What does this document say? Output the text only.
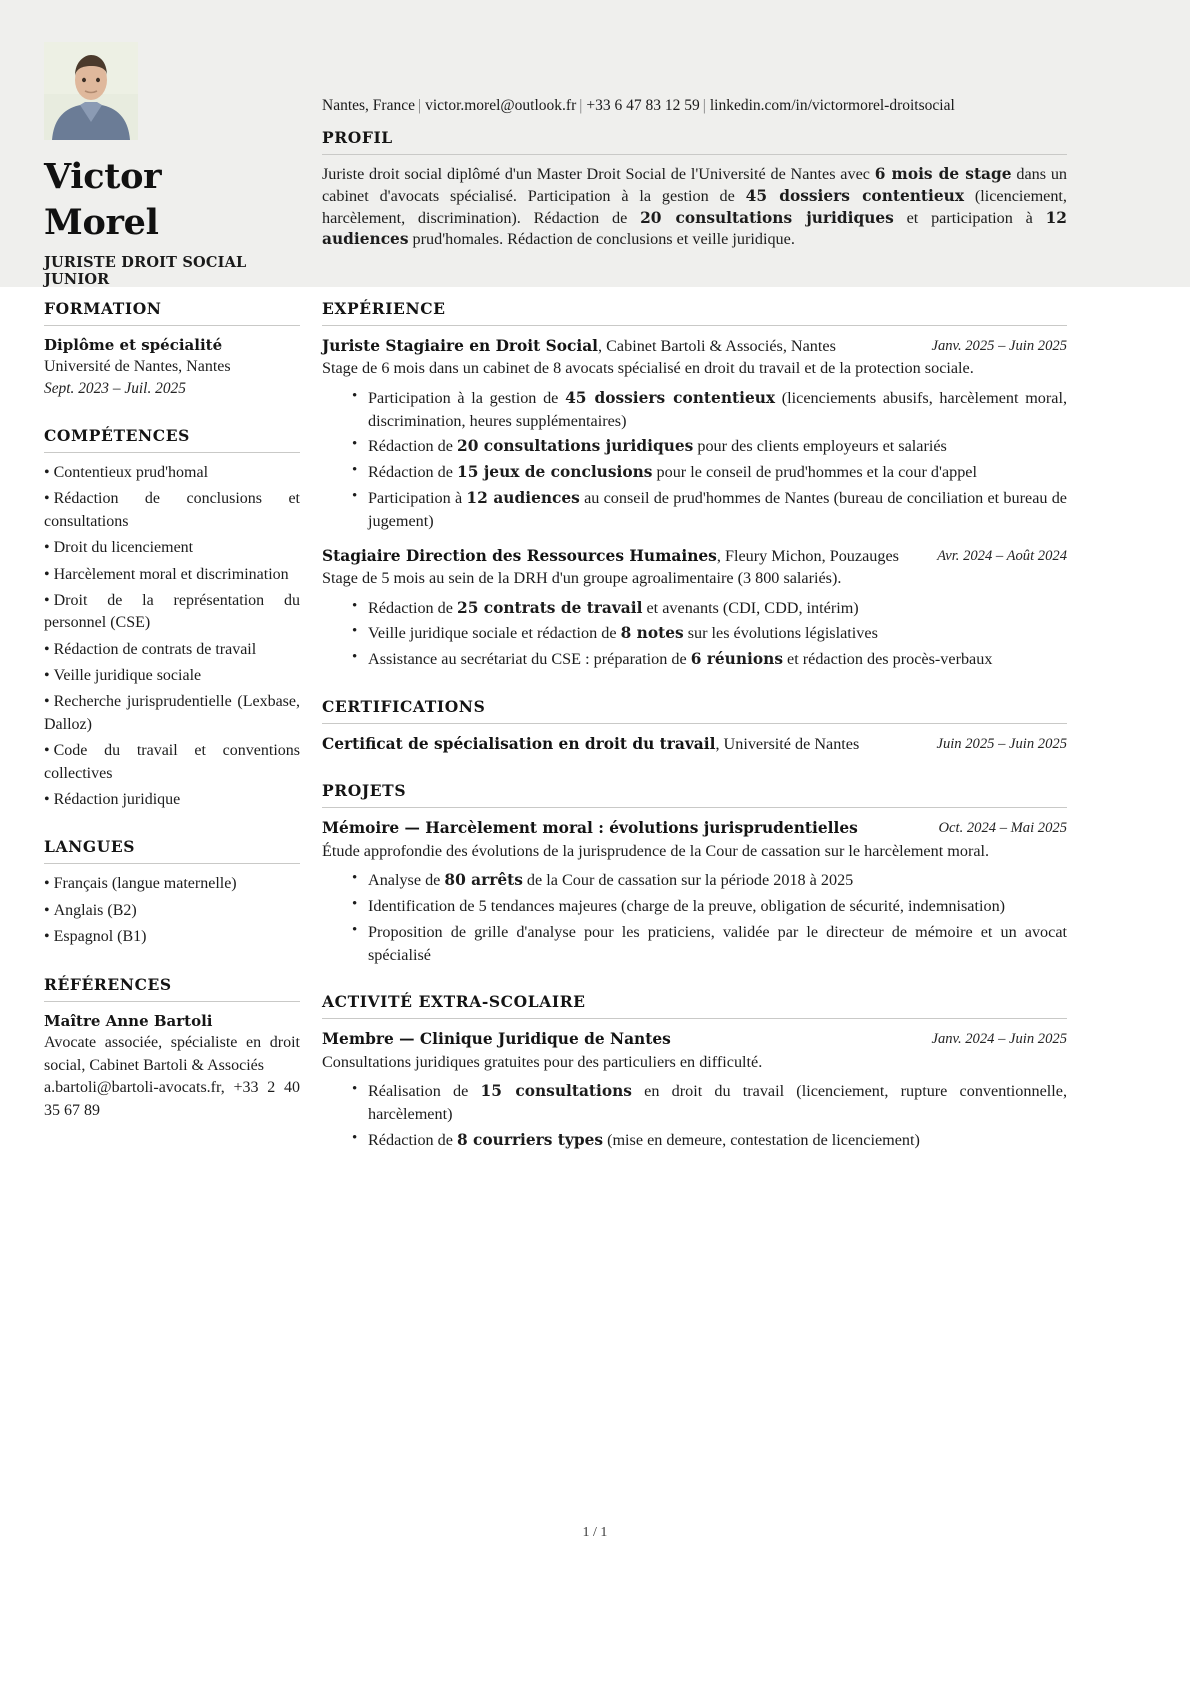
Victor
Morel
JURISTE DROIT SOCIAL JUNIOR
Nantes, France | victor.morel@outlook.fr | +33 6 47 83 12 59 | linkedin.com/in/victormorel-droitsocial
PROFIL
Juriste droit social diplômé d'un Master Droit Social de l'Université de Nantes avec 6 mois de stage dans un cabinet d'avocats spécialisé. Participation à la gestion de 45 dossiers contentieux (licenciement, harcèlement, discrimination). Rédaction de 20 consultations juridiques et participation à 12 audiences prud'homales. Rédaction de conclusions et veille juridique.
FORMATION
Diplôme et spécialité
Université de Nantes, Nantes
Sept. 2023 – Juil. 2025
COMPÉTENCES
• Contentieux prud'homal
• Rédaction de conclusions et consultations
• Droit du licenciement
• Harcèlement moral et discrimination
• Droit de la représentation du personnel (CSE)
• Rédaction de contrats de travail
• Veille juridique sociale
• Recherche jurisprudentielle (Lexbase, Dalloz)
• Code du travail et conventions collectives
• Rédaction juridique
LANGUES
• Français (langue maternelle)
• Anglais (B2)
• Espagnol (B1)
RÉFÉRENCES
Maître Anne Bartoli
Avocate associée, spécialiste en droit social, Cabinet Bartoli & Associés
a.bartoli@bartoli-avocats.fr, +33 2 40 35 67 89
EXPÉRIENCE
Juriste Stagiaire en Droit Social, Cabinet Bartoli & Associés, Nantes	Janv. 2025 – Juin 2025
Stage de 6 mois dans un cabinet de 8 avocats spécialisé en droit du travail et de la protection sociale.
• Participation à la gestion de 45 dossiers contentieux (licenciements abusifs, harcèlement moral, discrimination, heures supplémentaires)
• Rédaction de 20 consultations juridiques pour des clients employeurs et salariés
• Rédaction de 15 jeux de conclusions pour le conseil de prud'hommes et la cour d'appel
• Participation à 12 audiences au conseil de prud'hommes de Nantes (bureau de conciliation et bureau de jugement)
Stagiaire Direction des Ressources Humaines, Fleury Michon, Pouzauges	Avr. 2024 – Août 2024
Stage de 5 mois au sein de la DRH d'un groupe agroalimentaire (3 800 salariés).
• Rédaction de 25 contrats de travail et avenants (CDI, CDD, intérim)
• Veille juridique sociale et rédaction de 8 notes sur les évolutions législatives
• Assistance au secrétariat du CSE : préparation de 6 réunions et rédaction des procès-verbaux
CERTIFICATIONS
Certificat de spécialisation en droit du travail, Université de Nantes	Juin 2025 – Juin 2025
PROJETS
Mémoire — Harcèlement moral : évolutions jurisprudentielles	Oct. 2024 – Mai 2025
Étude approfondie des évolutions de la jurisprudence de la Cour de cassation sur le harcèlement moral.
• Analyse de 80 arrêts de la Cour de cassation sur la période 2018 à 2025
• Identification de 5 tendances majeures (charge de la preuve, obligation de sécurité, indemnisation)
• Proposition de grille d'analyse pour les praticiens, validée par le directeur de mémoire et un avocat spécialisé
ACTIVITÉ EXTRA-SCOLAIRE
Membre — Clinique Juridique de Nantes	Janv. 2024 – Juin 2025
Consultations juridiques gratuites pour des particuliers en difficulté.
• Réalisation de 15 consultations en droit du travail (licenciement, rupture conventionnelle, harcèlement)
• Rédaction de 8 courriers types (mise en demeure, contestation de licenciement)
1 / 1
